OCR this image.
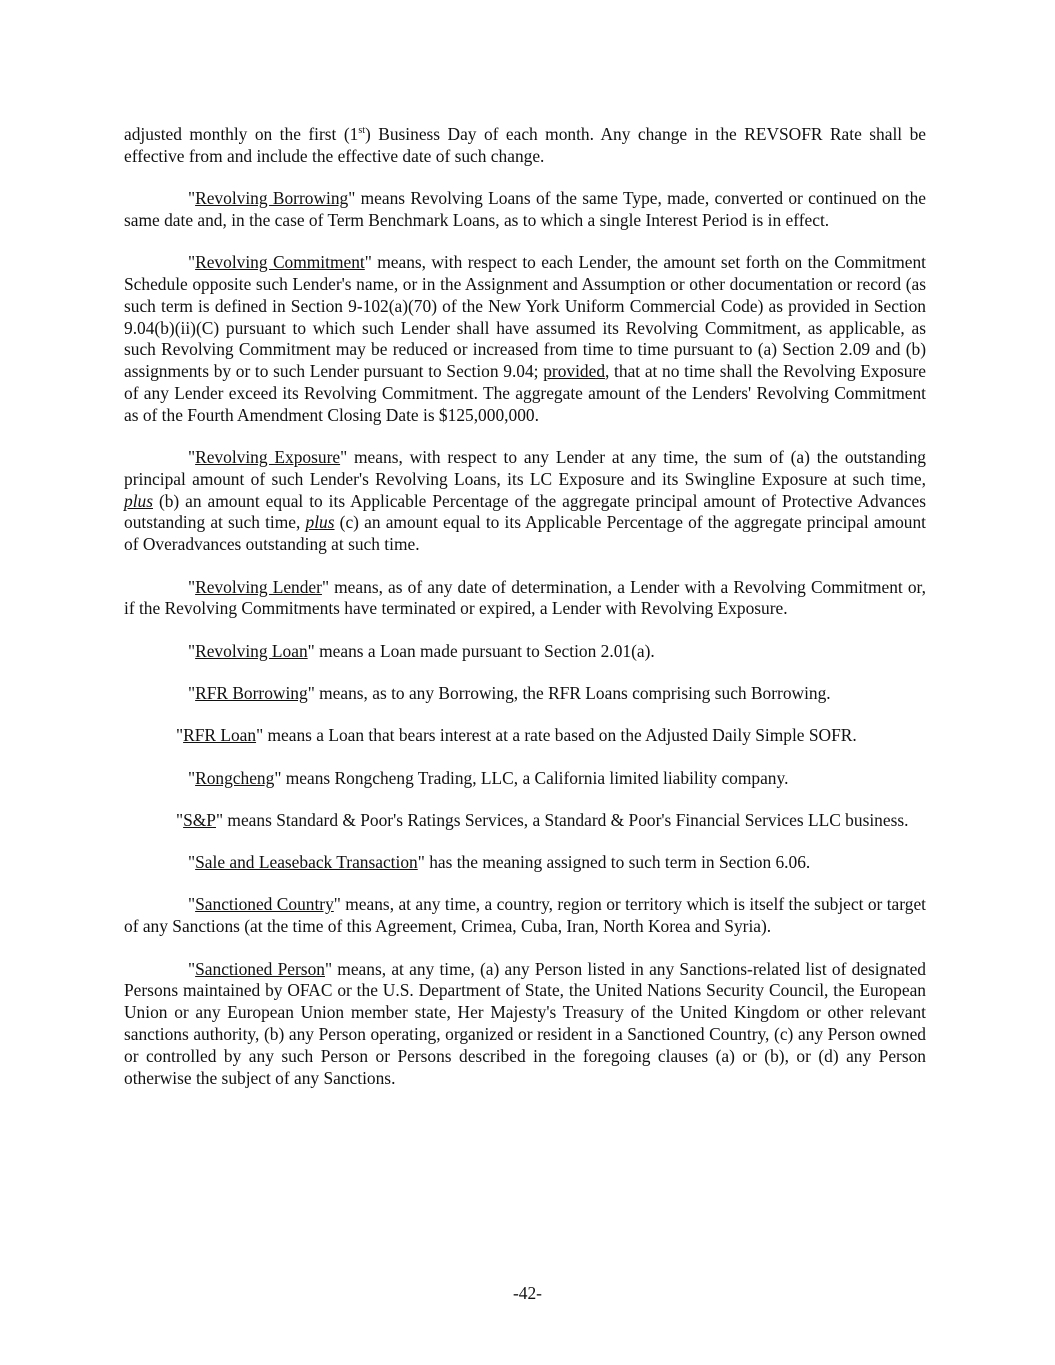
adjusted monthly on the first (1st) Business Day of each month. Any change in the REVSOFR Rate shall be effective from and include the effective date of such change.

"Revolving Borrowing" means Revolving Loans of the same Type, made, converted or continued on the same date and, in the case of Term Benchmark Loans, as to which a single Interest Period is in effect.

"Revolving Commitment" means, with respect to each Lender, the amount set forth on the Commitment Schedule opposite such Lender's name, or in the Assignment and Assumption or other documentation or record (as such term is defined in Section 9-102(a)(70) of the New York Uniform Commercial Code) as provided in Section 9.04(b)(ii)(C) pursuant to which such Lender shall have assumed its Revolving Commitment, as applicable, as such Revolving Commitment may be reduced or increased from time to time pursuant to (a) Section 2.09 and (b) assignments by or to such Lender pursuant to Section 9.04; provided, that at no time shall the Revolving Exposure of any Lender exceed its Revolving Commitment. The aggregate amount of the Lenders' Revolving Commitment as of the Fourth Amendment Closing Date is $125,000,000.

"Revolving Exposure" means, with respect to any Lender at any time, the sum of (a) the outstanding principal amount of such Lender's Revolving Loans, its LC Exposure and its Swingline Exposure at such time, plus (b) an amount equal to its Applicable Percentage of the aggregate principal amount of Protective Advances outstanding at such time, plus (c) an amount equal to its Applicable Percentage of the aggregate principal amount of Overadvances outstanding at such time.

"Revolving Lender" means, as of any date of determination, a Lender with a Revolving Commitment or, if the Revolving Commitments have terminated or expired, a Lender with Revolving Exposure.

"Revolving Loan" means a Loan made pursuant to Section 2.01(a).

"RFR Borrowing" means, as to any Borrowing, the RFR Loans comprising such Borrowing.

"RFR Loan" means a Loan that bears interest at a rate based on the Adjusted Daily Simple SOFR.

"Rongcheng" means Rongcheng Trading, LLC, a California limited liability company.

"S&P" means Standard & Poor's Ratings Services, a Standard & Poor's Financial Services LLC business.

"Sale and Leaseback Transaction" has the meaning assigned to such term in Section 6.06.

"Sanctioned Country" means, at any time, a country, region or territory which is itself the subject or target of any Sanctions (at the time of this Agreement, Crimea, Cuba, Iran, North Korea and Syria).

"Sanctioned Person" means, at any time, (a) any Person listed in any Sanctions-related list of designated Persons maintained by OFAC or the U.S. Department of State, the United Nations Security Council, the European Union or any European Union member state, Her Majesty's Treasury of the United Kingdom or other relevant sanctions authority, (b) any Person operating, organized or resident in a Sanctioned Country, (c) any Person owned or controlled by any such Person or Persons described in the foregoing clauses (a) or (b), or (d) any Person otherwise the subject of any Sanctions.

-42-
